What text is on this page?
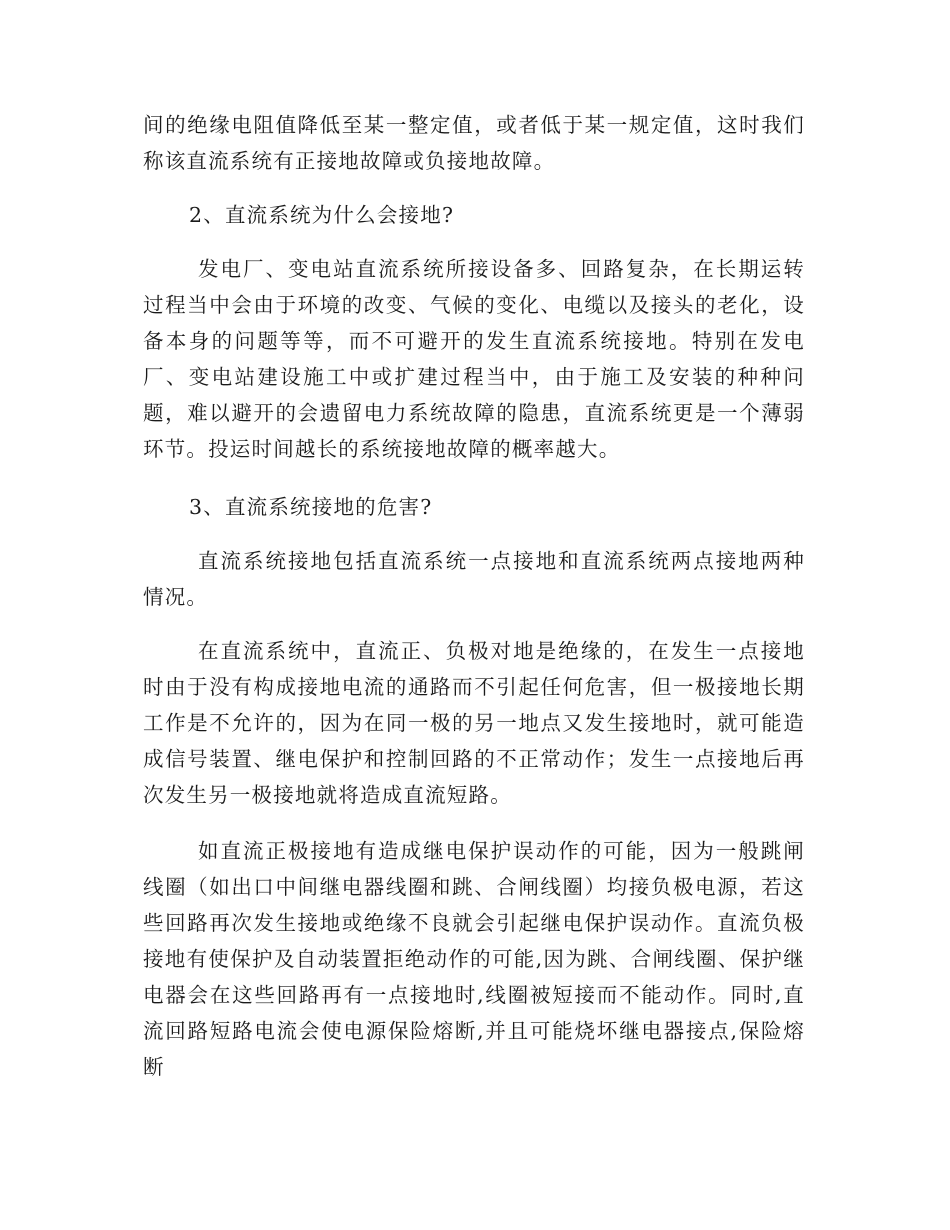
间的绝缘电阻值降低至某一整定值，或者低于某一规定值，这时我们称该直流系统有正接地故障或负接地故障。

2、直流系统为什么会接地?

发电厂、变电站直流系统所接设备多、回路复杂，在长期运转过程当中会由于环境的改变、气候的变化、电缆以及接头的老化，设备本身的问题等等，而不可避开的发生直流系统接地。特别在发电厂、变电站建设施工中或扩建过程当中，由于施工及安装的种种问题，难以避开的会遗留电力系统故障的隐患，直流系统更是一个薄弱环节。投运时间越长的系统接地故障的概率越大。

3、直流系统接地的危害?

直流系统接地包括直流系统一点接地和直流系统两点接地两种情况。

在直流系统中，直流正、负极对地是绝缘的，在发生一点接地时由于没有构成接地电流的通路而不引起任何危害，但一极接地长期工作是不允许的，因为在同一极的另一地点又发生接地时，就可能造成信号装置、继电保护和控制回路的不正常动作；发生一点接地后再次发生另一极接地就将造成直流短路。

如直流正极接地有造成继电保护误动作的可能，因为一般跳闸线圈（如出口中间继电器线圈和跳、合闸线圈）均接负极电源，若这些回路再次发生接地或绝缘不良就会引起继电保护误动作。直流负极接地有使保护及自动装置拒绝动作的可能,因为跳、合闸线圈、保护继电器会在这些回路再有一点接地时,线圈被短接而不能动作。同时,直流回路短路电流会使电源保险熔断,并且可能烧坏继电器接点,保险熔断
